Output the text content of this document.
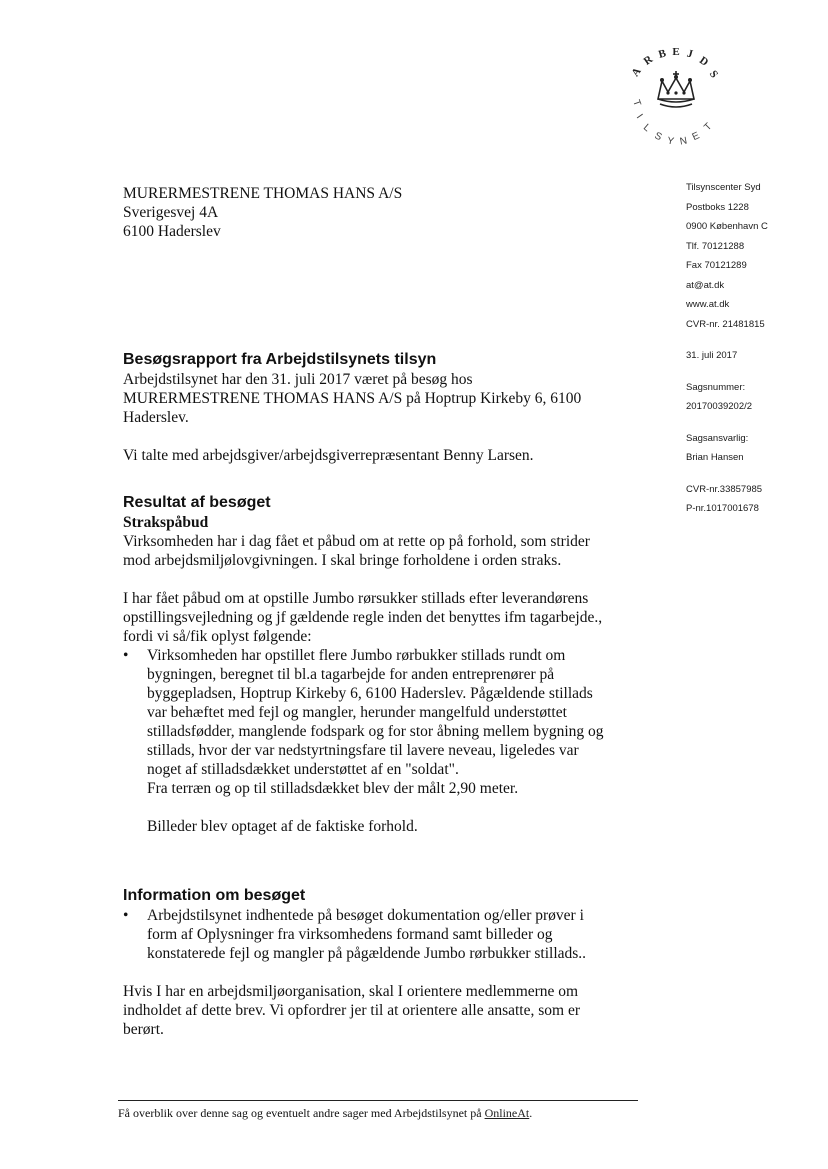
A
R B E J
D
S
T
I
L
S Y N E
T
MURERMESTRENE THOMAS HANS A/S
Sverigesvej 4A
6100 Haderslev
Tilsynscenter Syd
Postboks 1228
0900 København C
Tlf. 70121288
Fax 70121289
at@at.dk
www.at.dk
CVR-nr. 21481815
31. juli 2017
Sagsnummer:
20170039202/2
Sagsansvarlig:
Brian Hansen
CVR-nr.33857985
P-nr.1017001678
Besøgsrapport fra Arbejdstilsynets tilsyn

Arbejdstilsynet har den 31. juli 2017 været på besøg hos

MURERMESTRENE THOMAS HANS A/S på Hoptrup Kirkeby 6, 6100

Haderslev.

Vi talte med arbejdsgiver/arbejdsgiverrepræsentant Benny Larsen.

Resultat af besøget
Strakspåbud

Virksomheden har i dag fået et påbud om at rette op på forhold, som strider

mod arbejdsmiljølovgivningen. I skal bringe forholdene i orden straks.

I har fået påbud om at opstille Jumbo rørsukker stillads efter leverandørens

opstillingsvejledning og jf gældende regle inden det benyttes ifm tagarbejde.,

fordi vi så/fik oplyst følgende:

• Virksomheden har opstillet flere Jumbo rørbukker stillads rundt om

bygningen, beregnet til bl.a tagarbejde for anden entreprenører på

byggepladsen, Hoptrup Kirkeby 6, 6100 Haderslev. Pågældende stillads

var behæftet med fejl og mangler, herunder mangelfuld understøttet

stilladsfødder, manglende fodspark og for stor åbning mellem bygning og

stillads, hvor der var nedstyrtningsfare til lavere neveau, ligeledes var

noget af stilladsdækket understøttet af en "soldat".

Fra terræn og op til stilladsdækket blev der målt 2,90 meter.

Billeder blev optaget af de faktiske forhold.

Information om besøget

• Arbejdstilsynet indhentede på besøget dokumentation og/eller prøver i

form af Oplysninger fra virksomhedens formand samt billeder og

konstaterede fejl og mangler på pågældende Jumbo rørbukker stillads..

Hvis I har en arbejdsmiljøorganisation, skal I orientere medlemmerne om

indholdet af dette brev. Vi opfordrer jer til at orientere alle ansatte, som er

berørt.

Få overblik over denne sag og eventuelt andre sager med Arbejdstilsynet på OnlineAt.
